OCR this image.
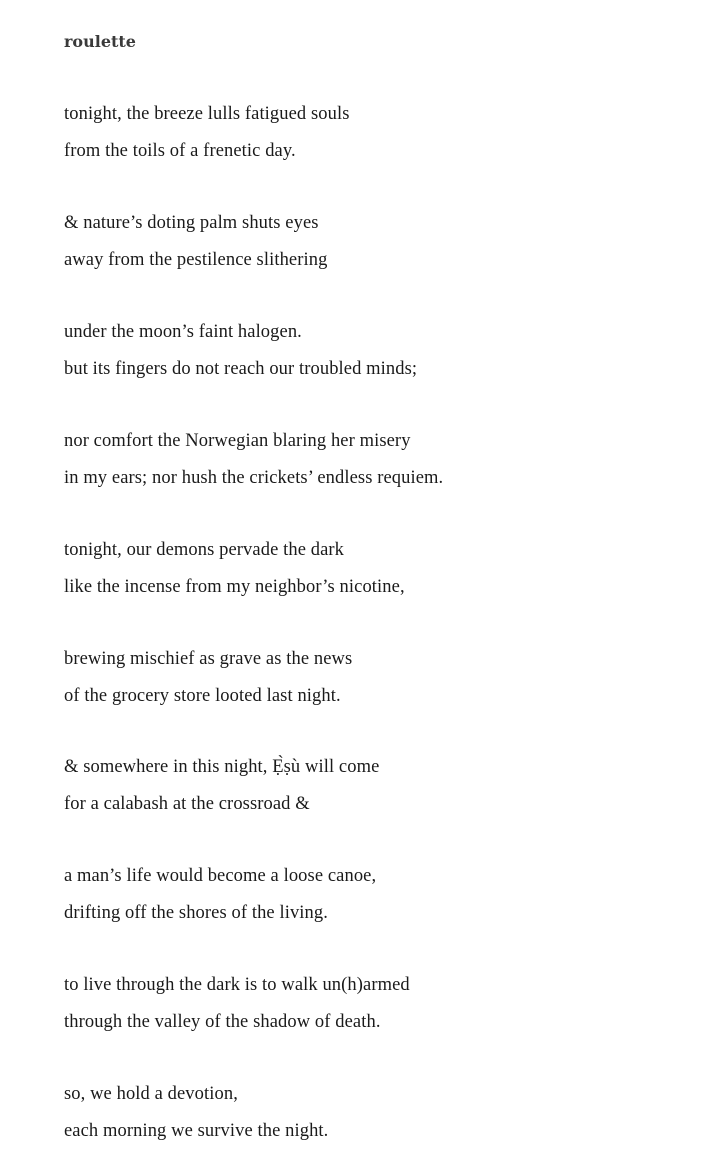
roulette
tonight, the breeze lulls fatigued souls
from the toils of a frenetic day.
& nature’s doting palm shuts eyes
away from the pestilence slithering
under the moon’s faint halogen.
but its fingers do not reach our troubled minds;
nor comfort the Norwegian blaring her misery
in my ears; nor hush the crickets’ endless requiem.
tonight, our demons pervade the dark
like the incense from my neighbor’s nicotine,
brewing mischief as grave as the news
of the grocery store looted last night.
& somewhere in this night, Ẹ̀ṣù will come
for a calabash at the crossroad &
a man’s life would become a loose canoe,
drifting off the shores of the living.
to live through the dark is to walk un(h)armed
through the valley of the shadow of death.
so, we hold a devotion,
each morning we survive the night.
